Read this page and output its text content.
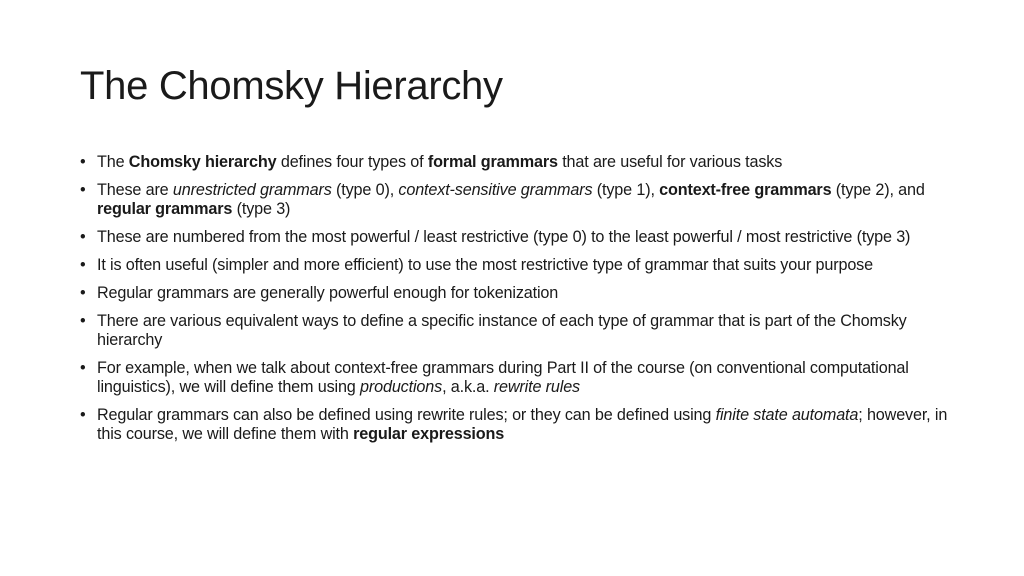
The Chomsky Hierarchy
• The Chomsky hierarchy defines four types of formal grammars that are useful for various tasks
• These are unrestricted grammars (type 0), context-sensitive grammars (type 1), context-free grammars (type 2), and regular grammars (type 3)
• These are numbered from the most powerful / least restrictive (type 0) to the least powerful / most restrictive (type 3)
• It is often useful (simpler and more efficient) to use the most restrictive type of grammar that suits your purpose
• Regular grammars are generally powerful enough for tokenization
• There are various equivalent ways to define a specific instance of each type of grammar that is part of the Chomsky hierarchy
• For example, when we talk about context-free grammars during Part II of the course (on conventional computational linguistics), we will define them using productions, a.k.a. rewrite rules
• Regular grammars can also be defined using rewrite rules; or they can be defined using finite state automata; however, in this course, we will define them with regular expressions
